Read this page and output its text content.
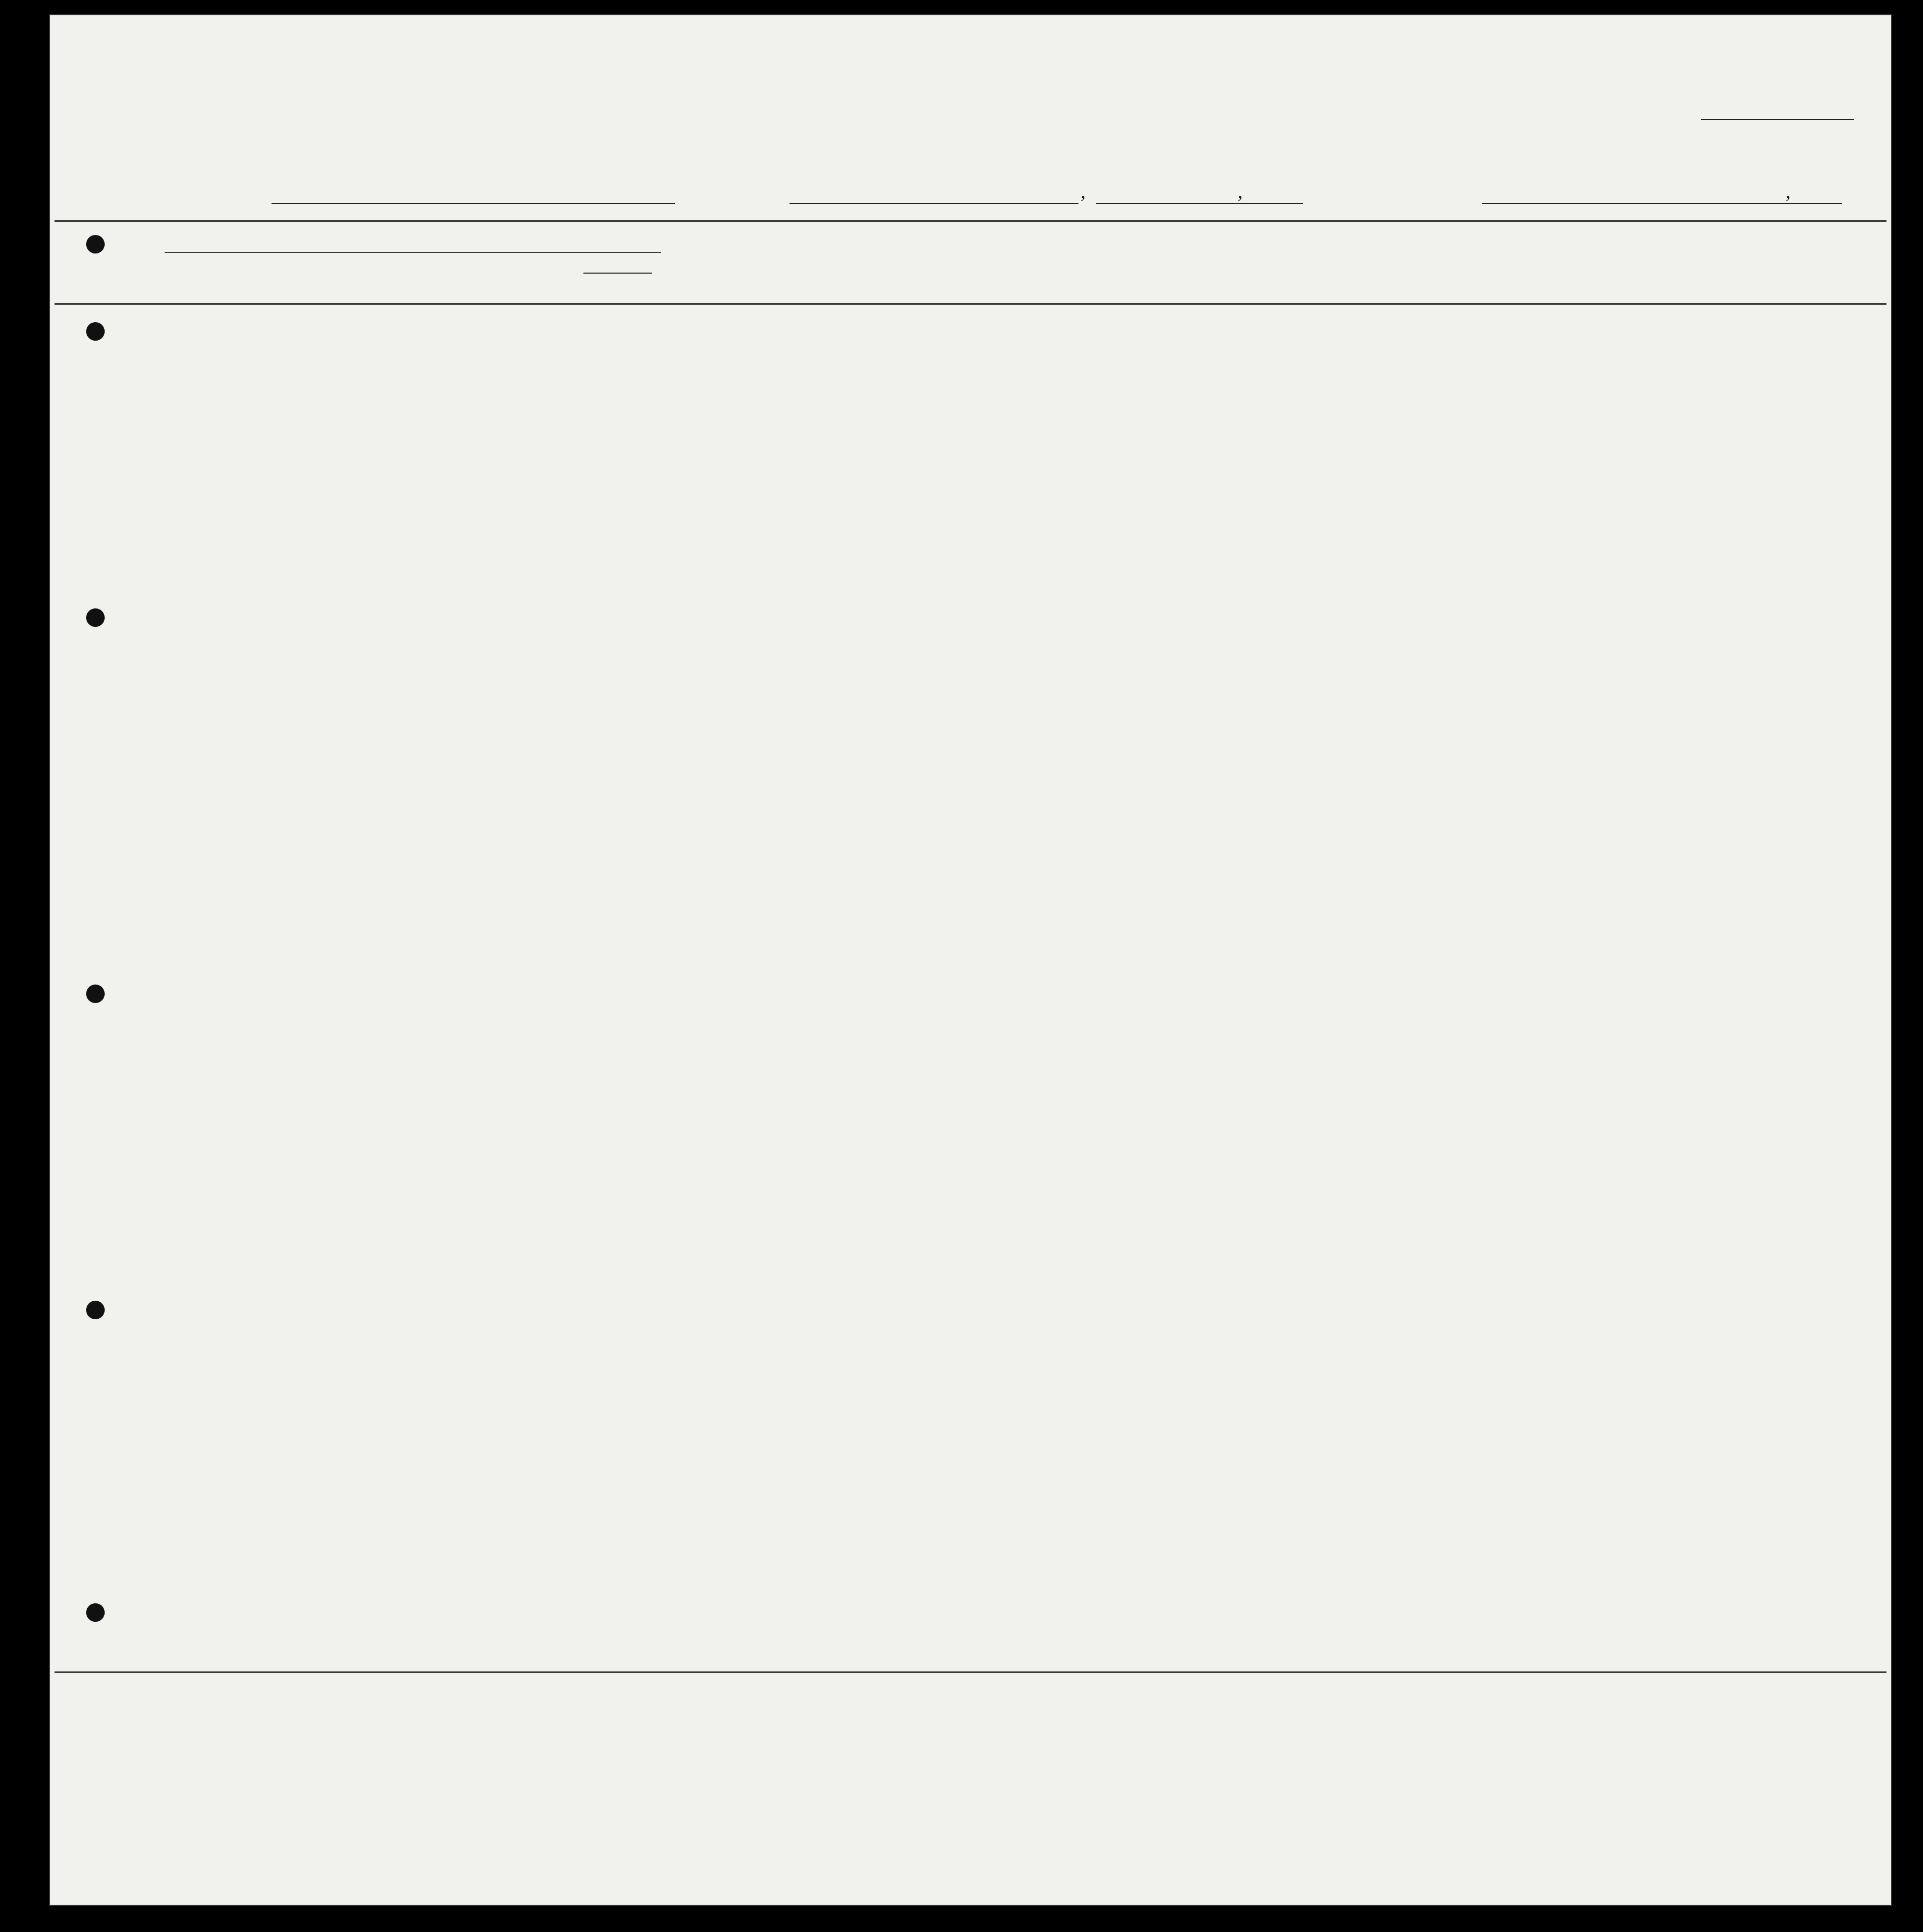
,	,	,
